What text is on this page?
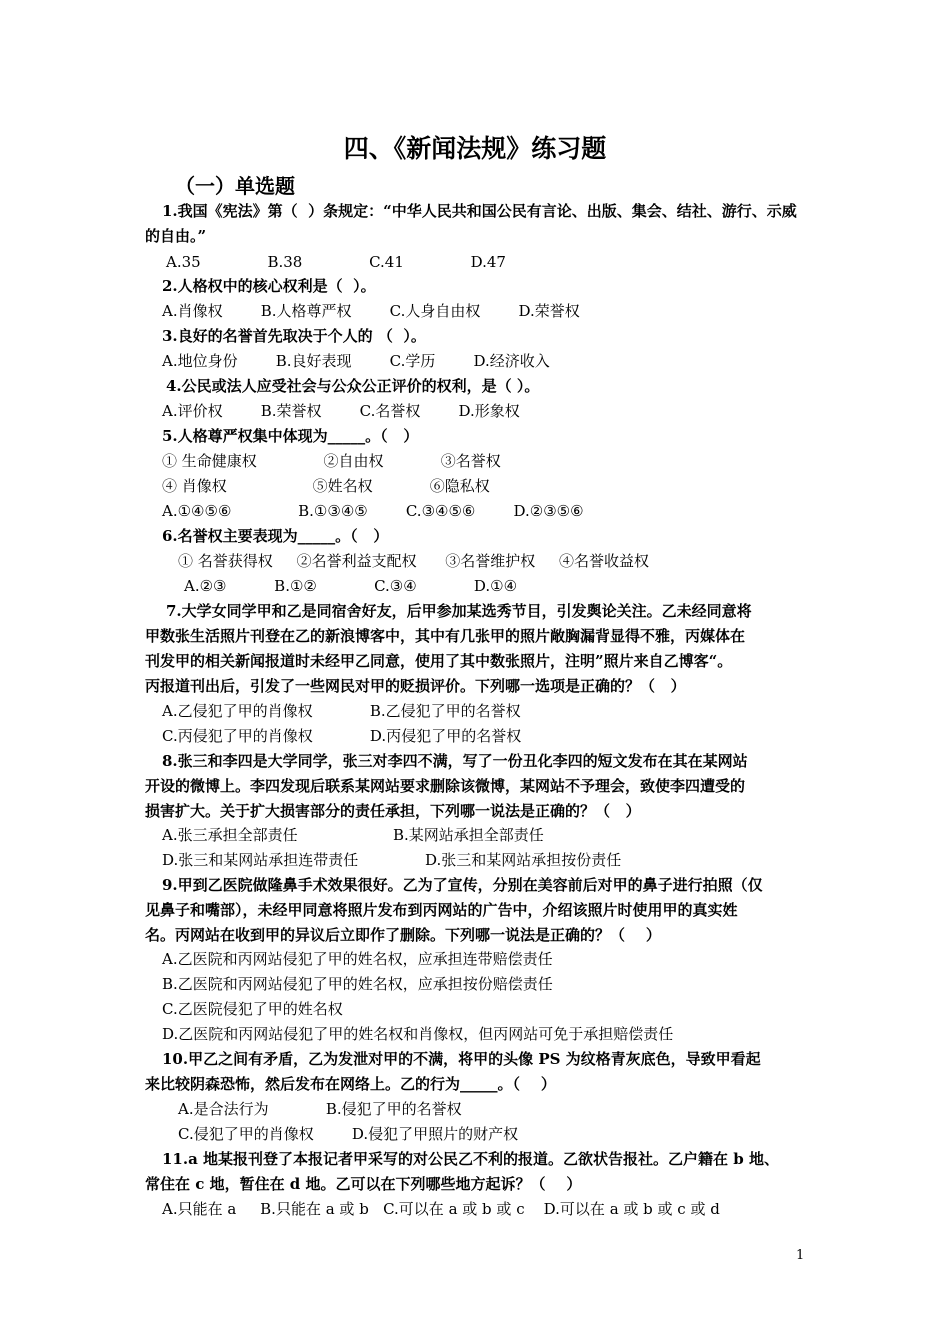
四、《新闻法规》练习题
（一）单选题
1.我国《宪法》第（  ）条规定：“中华人民共和国公民有言论、出版、集会、结社、游行、示威
的自由。”
A.35              B.38              C.41              D.47
2.人格权中的核心权利是（  ）。
A.肖像权        B.人格尊严权        C.人身自由权        D.荣誉权
3.良好的名誉首先取决于个人的 （  ）。
A.地位身份        B.良好表现        C.学历        D.经济收入
4.公民或法人应受社会与公众公正评价的权利，是（ ）。
A.评价权        B.荣誉权        C.名誉权        D.形象权
5.人格尊严权集中体现为_____。（   ）
① 生命健康权              ②自由权            ③名誉权
④ 肖像权                  ⑤姓名权            ⑥隐私权
A.①④⑤⑥              B.①③④⑤        C.③④⑤⑥        D.②③⑤⑥
6.名誉权主要表现为_____。（   ）
① 名誉获得权     ②名誉利益支配权      ③名誉维护权     ④名誉收益权
A.②③          B.①②            C.③④            D.①④
7.大学女同学甲和乙是同宿舍好友，后甲参加某选秀节目，引发舆论关注。乙未经同意将
甲数张生活照片刊登在乙的新浪博客中，其中有几张甲的照片敞胸漏背显得不雅，丙媒体在
刊发甲的相关新闻报道时未经甲乙同意，使用了其中数张照片，注明”照片来自乙博客“。
丙报道刊出后，引发了一些网民对甲的贬损评价。下列哪一选项是正确的？（   ）
A.乙侵犯了甲的肖像权            B.乙侵犯了甲的名誉权
C.丙侵犯了甲的肖像权            D.丙侵犯了甲的名誉权
8.张三和李四是大学同学，张三对李四不满，写了一份丑化李四的短文发布在其在某网站
开设的微博上。李四发现后联系某网站要求删除该微博，某网站不予理会，致使李四遭受的
损害扩大。关于扩大损害部分的责任承担，下列哪一说法是正确的？（   ）
A.张三承担全部责任                    B.某网站承担全部责任
D.张三和某网站承担连带责任              D.张三和某网站承担按份责任
9.甲到乙医院做隆鼻手术效果很好。乙为了宣传，分别在美容前后对甲的鼻子进行拍照（仅
见鼻子和嘴部），未经甲同意将照片发布到丙网站的广告中，介绍该照片时使用甲的真实姓
名。丙网站在收到甲的异议后立即作了删除。下列哪一说法是正确的？（    ）
A.乙医院和丙网站侵犯了甲的姓名权，应承担连带赔偿责任
B.乙医院和丙网站侵犯了甲的姓名权，应承担按份赔偿责任
C.乙医院侵犯了甲的姓名权
D.乙医院和丙网站侵犯了甲的姓名权和肖像权，但丙网站可免于承担赔偿责任
10.甲乙之间有矛盾，乙为发泄对甲的不满，将甲的头像 PS 为纹格青灰底色，导致甲看起
来比较阴森恐怖，然后发布在网络上。乙的行为_____。（    ）
A.是合法行为            B.侵犯了甲的名誉权
C.侵犯了甲的肖像权        D.侵犯了甲照片的财产权
11.a 地某报刊登了本报记者甲采写的对公民乙不利的报道。乙欲状告报社。乙户籍在 b 地、
常住在 c 地，暂住在 d 地。乙可以在下列哪些地方起诉？（    ）
A.只能在 a     B.只能在 a 或 b   C.可以在 a 或 b 或 c    D.可以在 a 或 b 或 c 或 d
1
